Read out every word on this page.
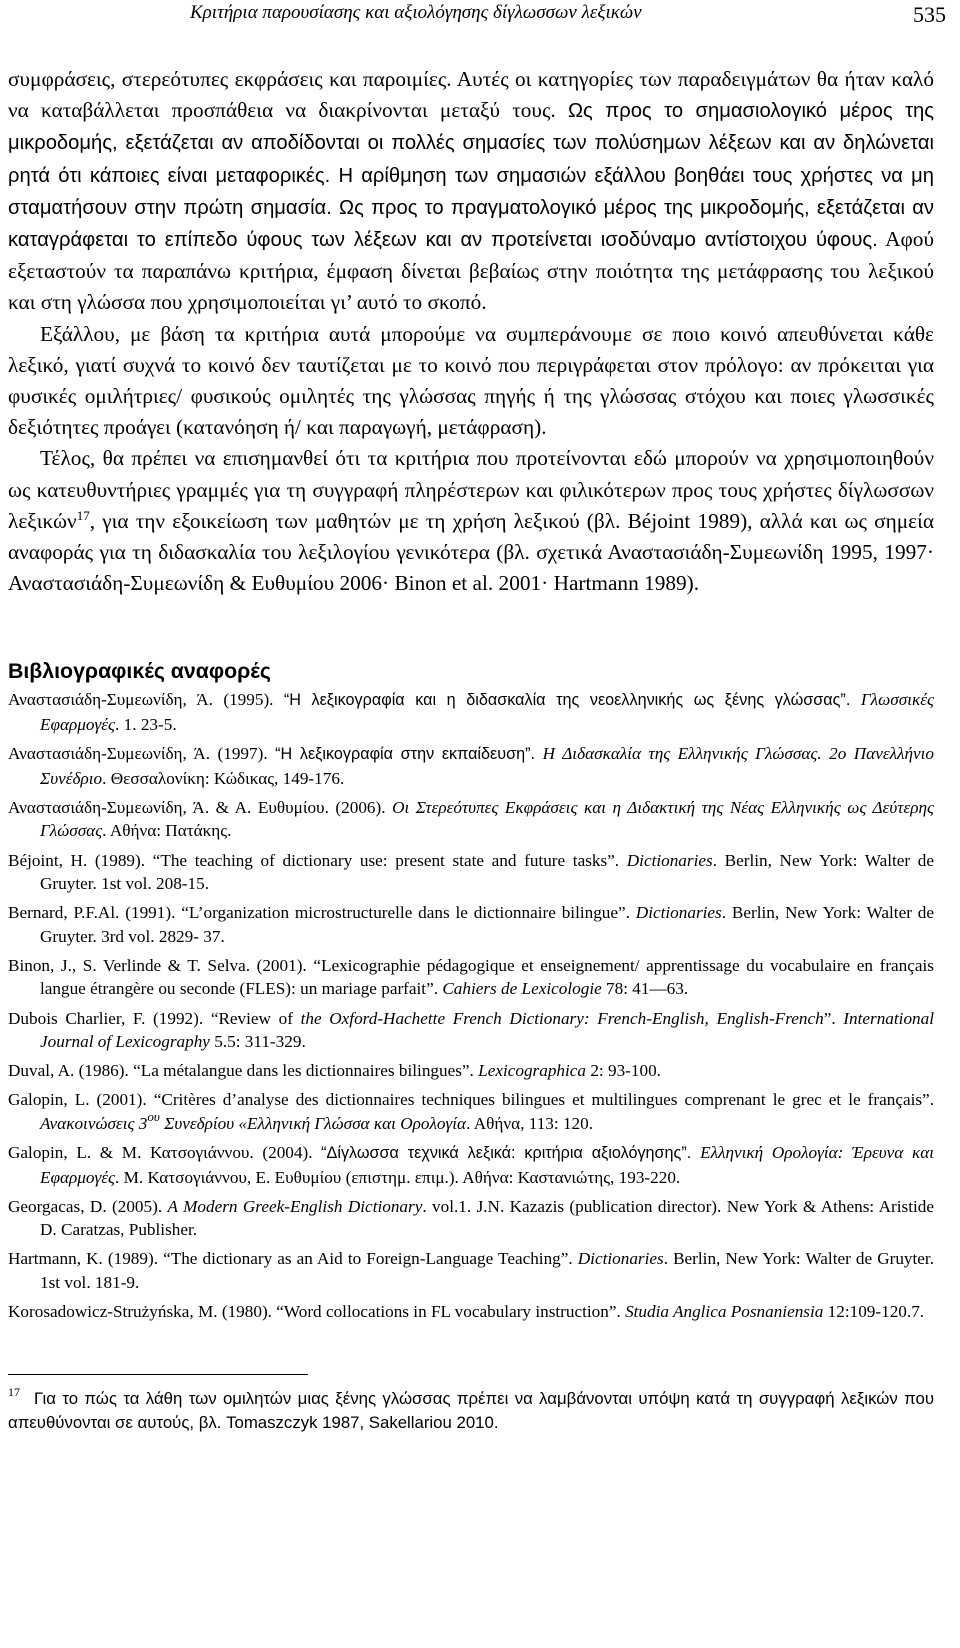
Κριτήρια παρουσίασης και αξιολόγησης δίγλωσσων λεξικών	535

συμφράσεις, στερεότυπες εκφράσεις και παροιμίες. Αυτές οι κατηγορίες των παραδειγμάτων θα ήταν καλό να καταβάλλεται προσπάθεια να διακρίνονται μεταξύ τους. Ως προς το σημασιολογικό μέρος της μικροδομής, εξετάζεται αν αποδίδονται οι πολλές σημασίες των πολύσημων λέξεων και αν δηλώνεται ρητά ότι κάποιες είναι μεταφορικές. Η αρίθμηση των σημασιών εξάλλου βοηθάει τους χρήστες να μη σταματήσουν στην πρώτη σημασία. Ως προς το πραγματολογικό μέρος της μικροδομής, εξετάζεται αν καταγράφεται το επίπεδο ύφους των λέξεων και αν προτείνεται ισοδύναμο αντίστοιχου ύφους. Αφού εξεταστούν τα παραπάνω κριτήρια, έμφαση δίνεται βεβαίως στην ποιότητα της μετάφρασης του λεξικού και στη γλώσσα που χρησιμοποιείται γι’ αυτό το σκοπό.

Εξάλλου, με βάση τα κριτήρια αυτά μπορούμε να συμπεράνουμε σε ποιο κοινό απευθύνεται κάθε λεξικό, γιατί συχνά το κοινό δεν ταυτίζεται με το κοινό που περιγράφεται στον πρόλογο: αν πρόκειται για φυσικές ομιλήτριες/ φυσικούς ομιλητές της γλώσσας πηγής ή της γλώσσας στόχου και ποιες γλωσσικές δεξιότητες προάγει (κατανόηση ή/ και παραγωγή, μετάφραση).

Τέλος, θα πρέπει να επισημανθεί ότι τα κριτήρια που προτείνονται εδώ μπορούν να χρησιμοποιηθούν ως κατευθυντήριες γραμμές για τη συγγραφή πληρέστερων και φιλικότερων προς τους χρήστες δίγλωσσων λεξικών$^{17}$, για την εξοικείωση των μαθητών με τη χρήση λεξικού (βλ. Béjoint 1989), αλλά και ως σημεία αναφοράς για τη διδασκαλία του λεξιλογίου γενικότερα (βλ. σχετικά Αναστασιάδη-Συμεωνίδη 1995, 1997· Αναστασιάδη-Συμεωνίδη & Ευθυμίου 2006· Binon et al. 2001· Hartmann 1989).

Βιβλιογραφικές αναφορές
Αναστασιάδη-Συμεωνίδη, Ά. (1995). “Η λεξικογραφία και η διδασκαλία της νεοελληνικής ως ξένης γλώσσας”. Γλωσσικές Εφαρμογές. 1. 23-5.
Αναστασιάδη-Συμεωνίδη, Ά. (1997). “Η λεξικογραφία στην εκπαίδευση”. Η Διδασκαλία της Ελληνικής Γλώσσας. 2ο Πανελλήνιο Συνέδριο. Θεσσαλονίκη: Κώδικας, 149-176.
Αναστασιάδη-Συμεωνίδη, Ά. & Α. Ευθυμίου. (2006). Οι Στερεότυπες Εκφράσεις και η Διδακτική της Νέας Ελληνικής ως Δεύτερης Γλώσσας. Αθήνα: Πατάκης.
Béjoint, H. (1989). “The teaching of dictionary use: present state and future tasks”. Dictionaries. Berlin, New York: Walter de Gruyter. 1st vol. 208-15.
Bernard, P.F.Al. (1991). “L’organization microstructurelle dans le dictionnaire bilingue”. Dictionaries. Berlin, New York: Walter de Gruyter. 3rd vol. 2829- 37.
Binon, J., S. Verlinde & T. Selva. (2001). “Lexicographie pédagogique et enseignement/ apprentissage du vocabulaire en français langue étrangère ou seconde (FLES): un mariage parfait”. Cahiers de Lexicologie 78: 41—63.
Dubois Charlier, F. (1992). “Review of the Oxford-Hachette French Dictionary: French-English, English-French”. International Journal of Lexicography 5.5: 311-329.
Duval, A. (1986). “La métalangue dans les dictionnaires bilingues”. Lexicographica 2: 93-100.
Galopin, L. (2001). “Critères d’analyse des dictionnaires techniques bilingues et multilingues comprenant le grec et le français”. Ανακοινώσεις $3^{o\upsilon}$ Συνεδρίου «Ελληνική Γλώσσα και Ορολογία. Αθήνα, 113: 120.
Galopin, L. & M. Κατσογιάννου. (2004). “Δίγλωσσα τεχνικά λεξικά: κριτήρια αξιολόγησης”. Ελληνική Ορολογία: Έρευνα και Εφαρμογές. Μ. Κατσογιάννου, Ε. Ευθυμίου (επιστημ. επιμ.). Αθήνα: Καστανιώτης, 193-220.
Georgacas, D. (2005). A Modern Greek-English Dictionary. vol.1. J.N. Kazazis (publication director). New York & Athens: Aristide D. Caratzas, Publisher.
Hartmann, K. (1989). “The dictionary as an Aid to Foreign-Language Teaching”. Dictionaries. Berlin, New York: Walter de Gruyter. 1st vol. 181-9.
Korosadowicz-Strużyńska, M. (1980). “Word collocations in FL vocabulary instruction”. Studia Anglica Posnaniensia 12:109-120.7.
$^{17}$ Για το πώς τα λάθη των ομιλητών μιας ξένης γλώσσας πρέπει να λαμβάνονται υπόψη κατά τη συγγραφή λεξικών που απευθύνονται σε αυτούς, βλ. Tomaszczyk 1987, Sakellariou 2010.
